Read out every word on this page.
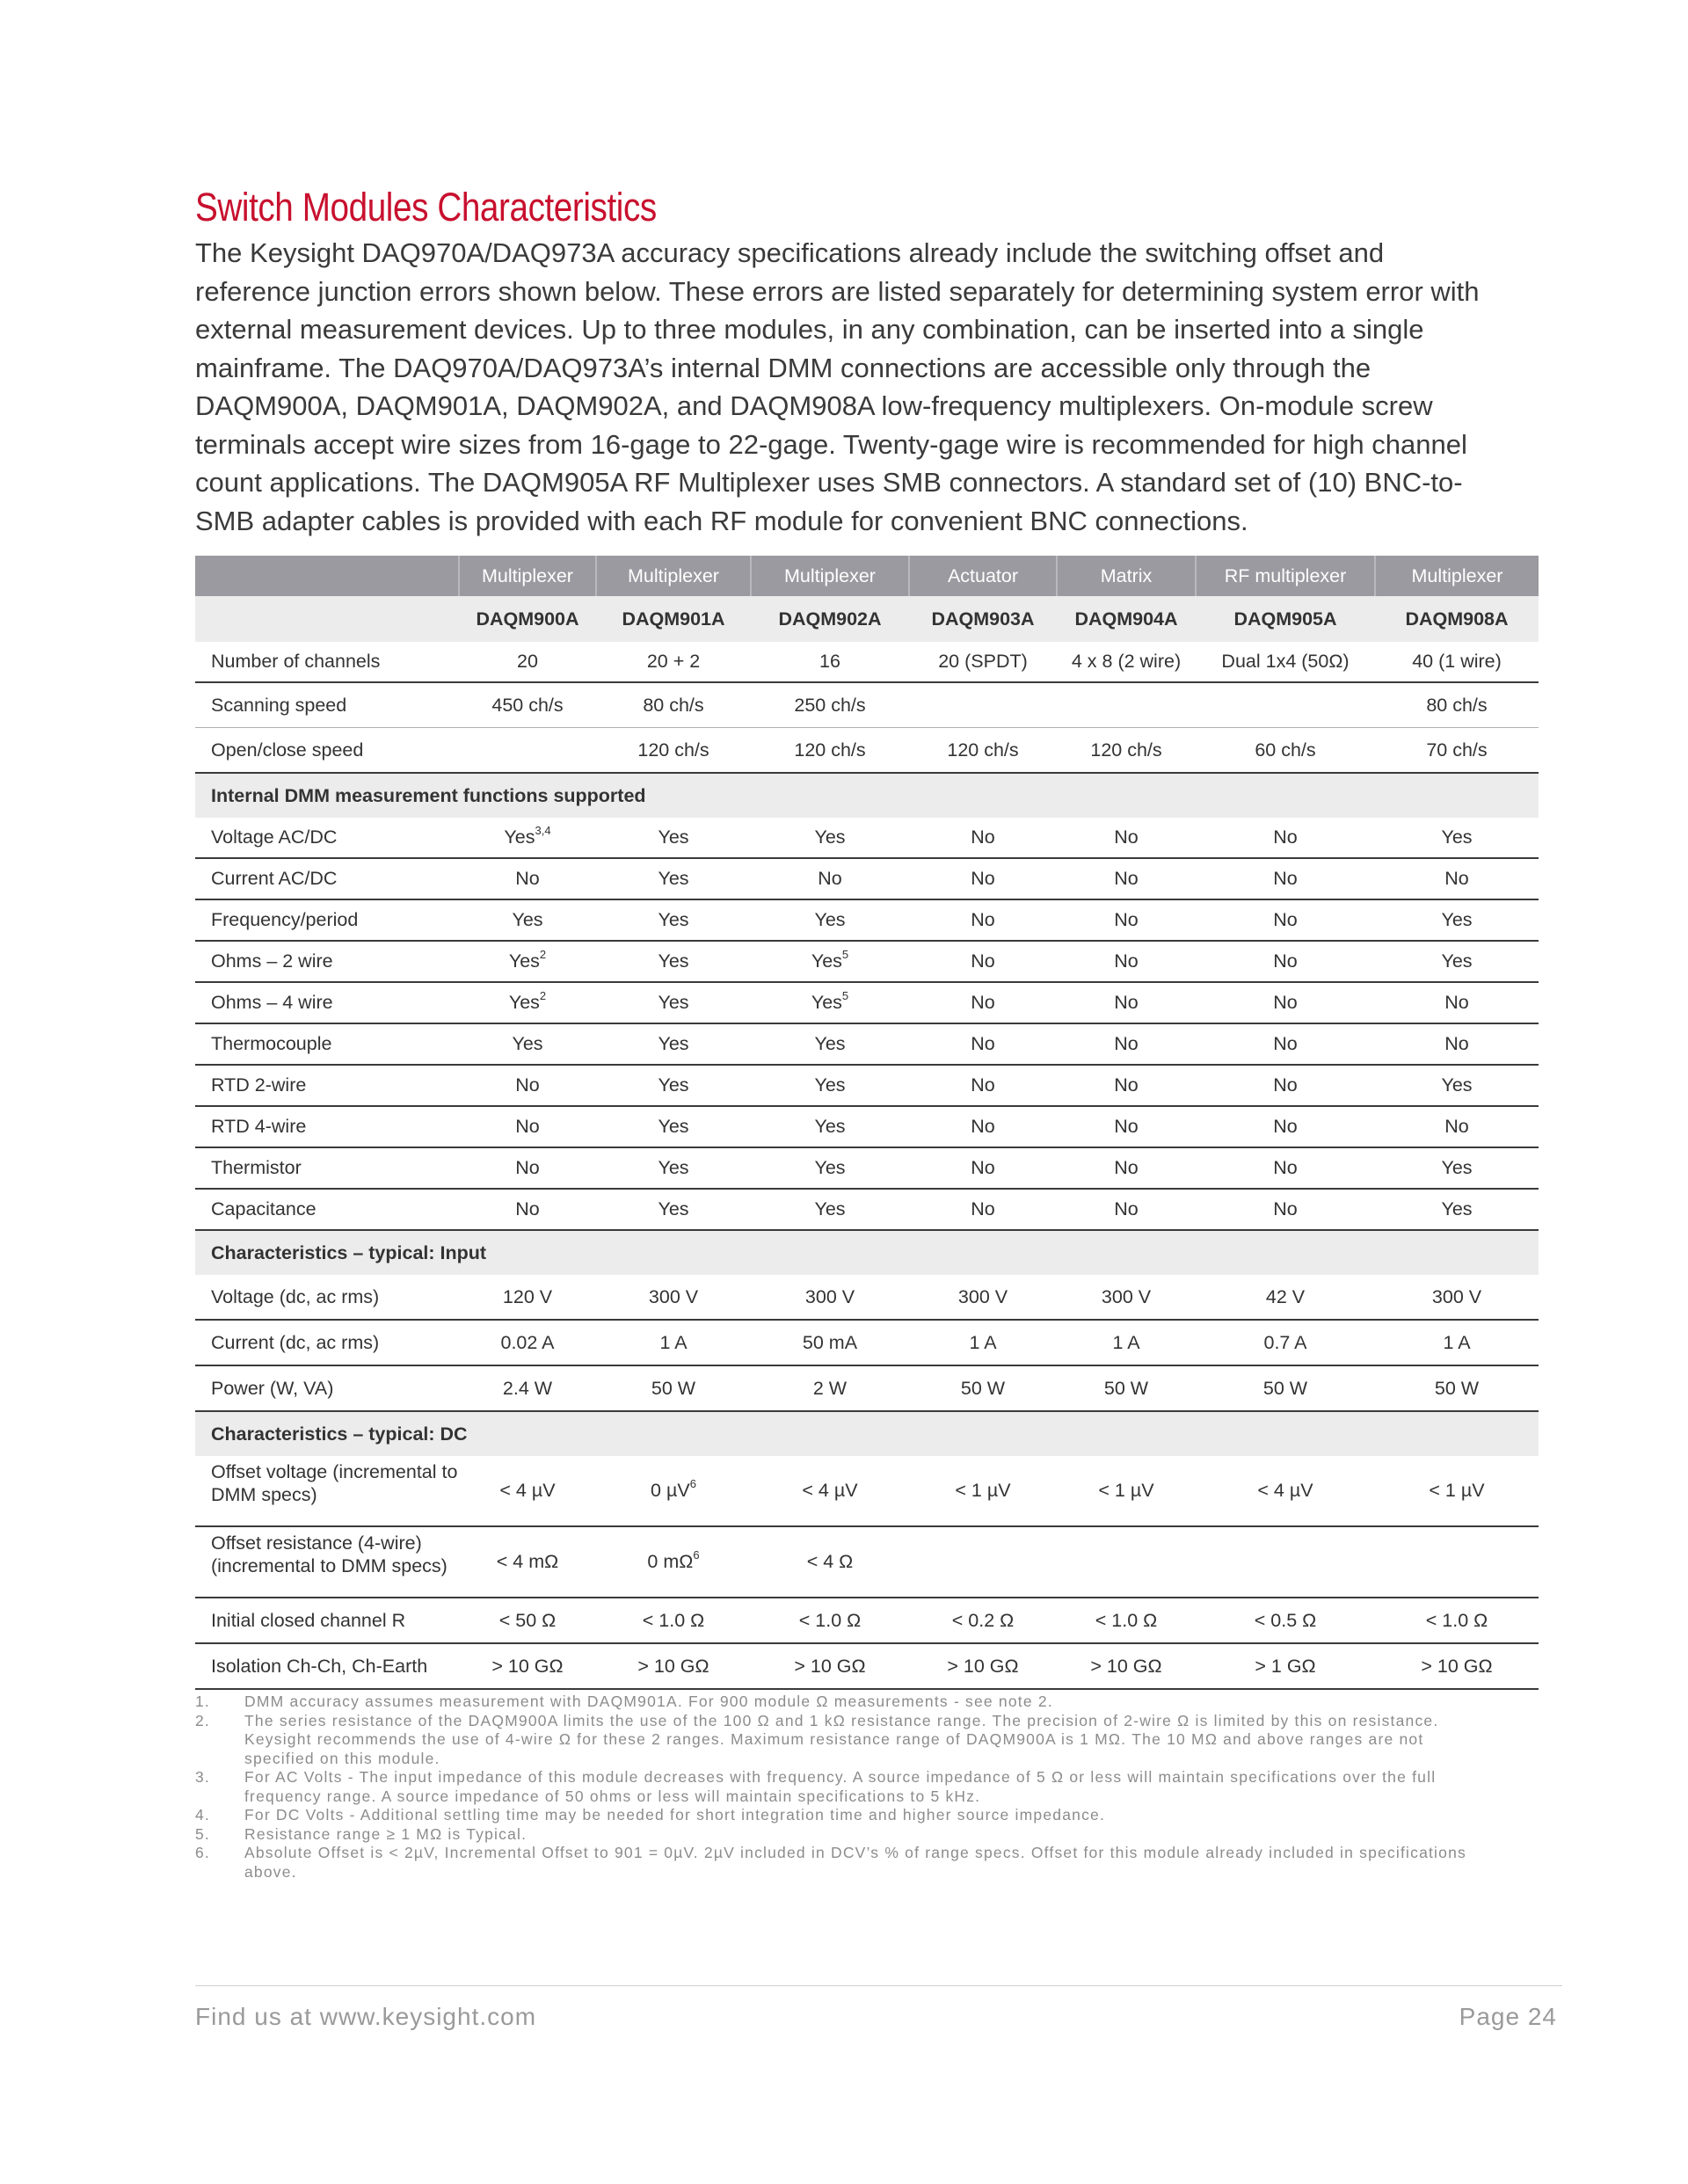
Switch Modules Characteristics
The Keysight DAQ970A/DAQ973A accuracy specifications already include the switching offset and reference junction errors shown below. These errors are listed separately for determining system error with external measurement devices. Up to three modules, in any combination, can be inserted into a single mainframe. The DAQ970A/DAQ973A’s internal DMM connections are accessible only through the DAQM900A, DAQM901A, DAQM902A, and DAQM908A low-frequency multiplexers. On-module screw terminals accept wire sizes from 16-gage to 22-gage. Twenty-gage wire is recommended for high channel count applications. The DAQM905A RF Multiplexer uses SMB connectors. A standard set of (10) BNC-to-SMB adapter cables is provided with each RF module for convenient BNC connections.
	Multiplexer	Multiplexer	Multiplexer	Actuator	Matrix	RF multiplexer	Multiplexer
	DAQM900A	DAQM901A	DAQM902A	DAQM903A	DAQM904A	DAQM905A	DAQM908A
Number of channels	20	20 + 2	16	20 (SPDT)	4 x 8 (2 wire)	Dual 1x4 (50Ω)	40 (1 wire)
Scanning speed	450 ch/s	80 ch/s	250 ch/s				80 ch/s
Open/close speed		120 ch/s	120 ch/s	120 ch/s	120 ch/s	60 ch/s	70 ch/s
Internal DMM measurement functions supported							
Voltage AC/DC	Yes$^{3,4}$	Yes	Yes	No	No	No	Yes
Current AC/DC	No	Yes	No	No	No	No	No
Frequency/period	Yes	Yes	Yes	No	No	No	Yes
Ohms – 2 wire	Yes$^2$	Yes	Yes$^5$	No	No	No	Yes
Ohms – 4 wire	Yes$^2$	Yes	Yes$^5$	No	No	No	No
Thermocouple	Yes	Yes	Yes	No	No	No	No
RTD 2-wire	No	Yes	Yes	No	No	No	Yes
RTD 4-wire	No	Yes	Yes	No	No	No	No
Thermistor	No	Yes	Yes	No	No	No	Yes
Capacitance	No	Yes	Yes	No	No	No	Yes
Characteristics – typical: Input							
Voltage (dc, ac rms)	120 V	300 V	300 V	300 V	300 V	42 V	300 V
Current (dc, ac rms)	0.02 A	1 A	50 mA	1 A	1 A	0.7 A	1 A
Power (W, VA)	2.4 W	50 W	2 W	50 W	50 W	50 W	50 W
Characteristics – typical: DC							

Offset voltage (incremental to DMM specs)	< 4 µV	0 µV$^6$	< 4 µV	< 1 µV	< 1 µV	< 4 µV	< 1 µV

Offset resistance (4-wire) (incremental to DMM specs)	< 4 mΩ	0 $m\Omega^6$	< 4 Ω				
Initial closed channel R	< 50 Ω	< 1.0 Ω	< 1.0 Ω	< 0.2 Ω	< 1.0 Ω	< 0.5 Ω	< 1.0 Ω
Isolation Ch-Ch, Ch-Earth	> 10 GΩ	> 10 GΩ	> 10 GΩ	> 10 GΩ	> 10 GΩ	> 1 GΩ	> 10 GΩ
1.	DMM accuracy assumes measurement with DAQM901A. For 900 module Ω measurements - see note 2.
2.	The series resistance of the DAQM900A limits the use of the 100 Ω and 1 kΩ resistance range. The precision of 2-wire Ω is limited by this on resistance. Keysight recommends the use of 4-wire Ω for these 2 ranges. Maximum resistance range of DAQM900A is 1 MΩ. The 10 MΩ and above ranges are not specified on this module.
3.	For AC Volts - The input impedance of this module decreases with frequency. A source impedance of 5 Ω or less will maintain specifications over the full frequency range. A source impedance of 50 ohms or less will maintain specifications to 5 kHz.
4.	For DC Volts - Additional settling time may be needed for short integration time and higher source impedance.
5.	Resistance range ≥ 1 MΩ is Typical.
6.	Absolute Offset is < 2µV, Incremental Offset to 901 = 0µV. 2µV included in DCV’s % of range specs. Offset for this module already included in specifications above.
Find us at www.keysight.com	Page 24
